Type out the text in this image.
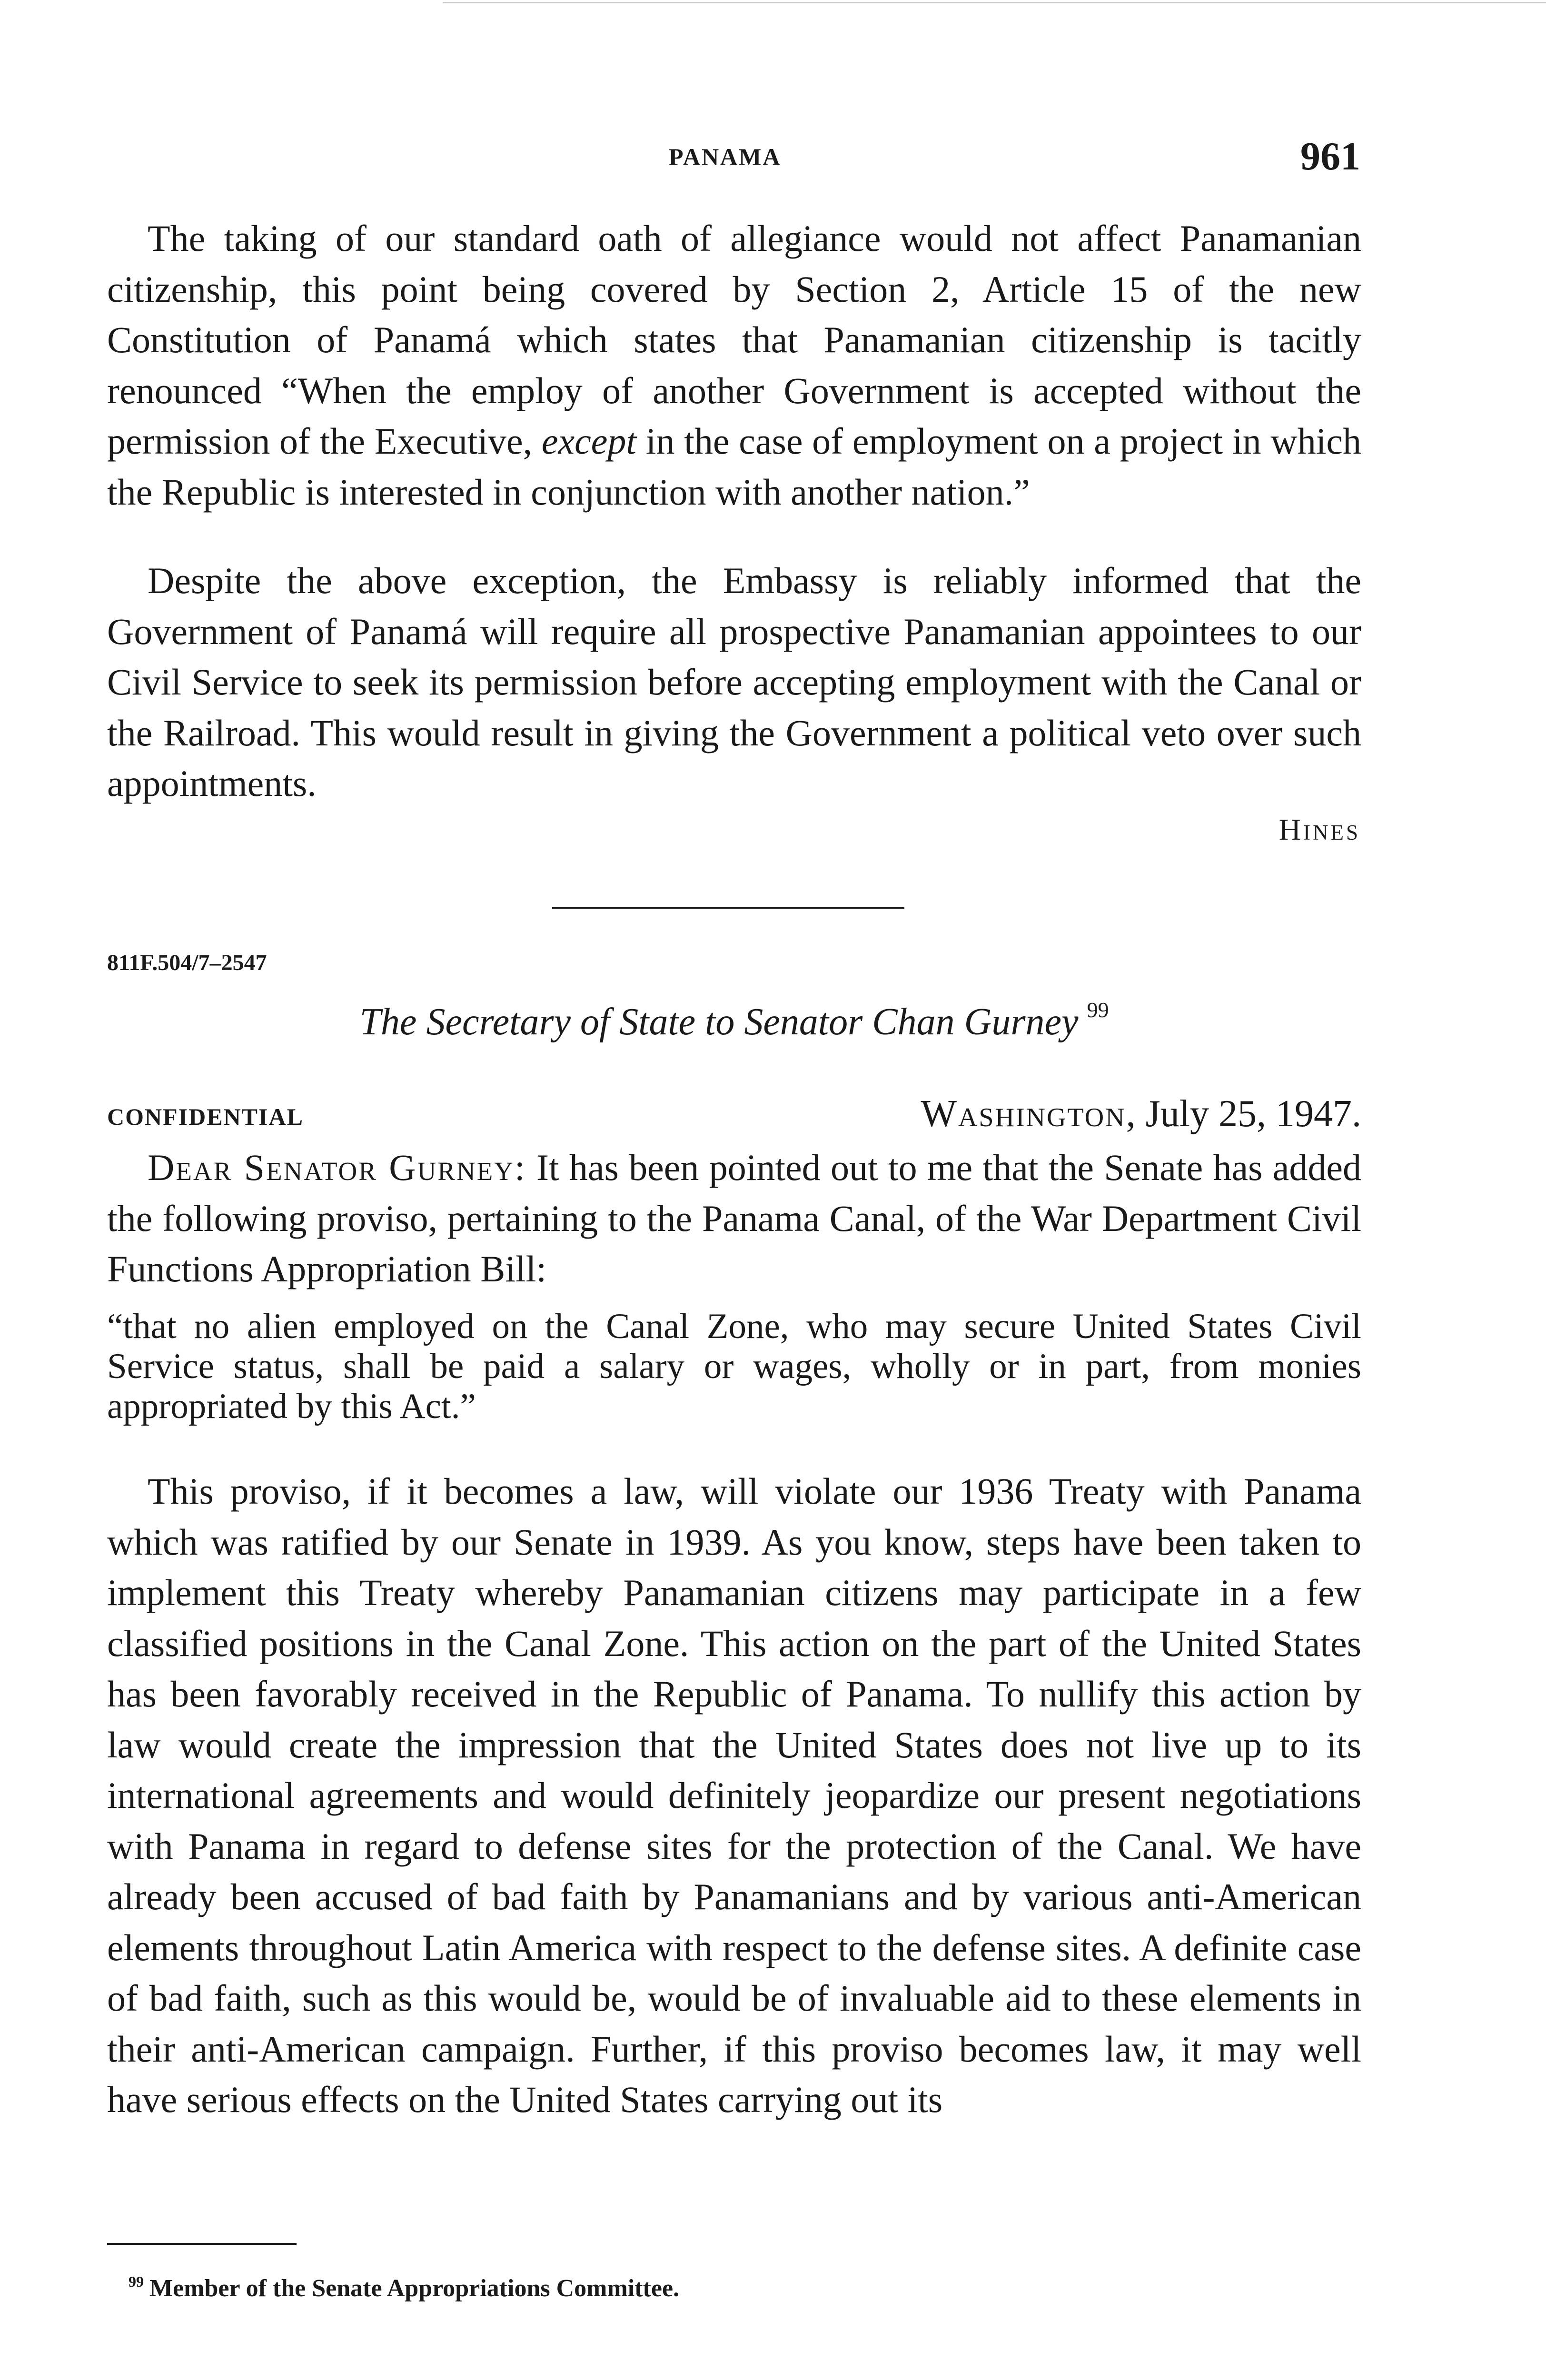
PANAMA	961

The taking of our standard oath of allegiance would not affect Panamanian citizenship, this point being covered by Section 2, Article 15 of the new Constitution of Panamá which states that Panamanian citizenship is tacitly renounced “When the employ of another Government is accepted without the permission of the Executive, except in the case of employment on a project in which the Republic is interested in conjunction with another nation.”

Despite the above exception, the Embassy is reliably informed that the Government of Panamá will require all prospective Panamanian appointees to our Civil Service to seek its permission before accepting employment with the Canal or the Railroad. This would result in giving the Government a political veto over such appointments.

Hines
811F.504/7–2547
The Secretary of State to Senator Chan Gurney $^{99}$
CONFIDENTIAL	Washington, July 25, 1947.

Dear Senator Gurney: It has been pointed out to me that the Senate has added the following proviso, pertaining to the Panama Canal, of the War Department Civil Functions Appropriation Bill:

“that no alien employed on the Canal Zone, who may secure United States Civil Service status, shall be paid a salary or wages, wholly or in part, from monies appropriated by this Act.”

This proviso, if it becomes a law, will violate our 1936 Treaty with Panama which was ratified by our Senate in 1939. As you know, steps have been taken to implement this Treaty whereby Panamanian citizens may participate in a few classified positions in the Canal Zone. This action on the part of the United States has been favorably received in the Republic of Panama. To nullify this action by law would create the impression that the United States does not live up to its international agreements and would definitely jeopardize our present negotiations with Panama in regard to defense sites for the protection of the Canal. We have already been accused of bad faith by Panamanians and by various anti-American elements throughout Latin America with respect to the defense sites. A definite case of bad faith, such as this would be, would be of invaluable aid to these elements in their anti-American campaign. Further, if this proviso becomes law, it may well have serious effects on the United States carrying out its

$^{99}$ Member of the Senate Appropriations Committee.
